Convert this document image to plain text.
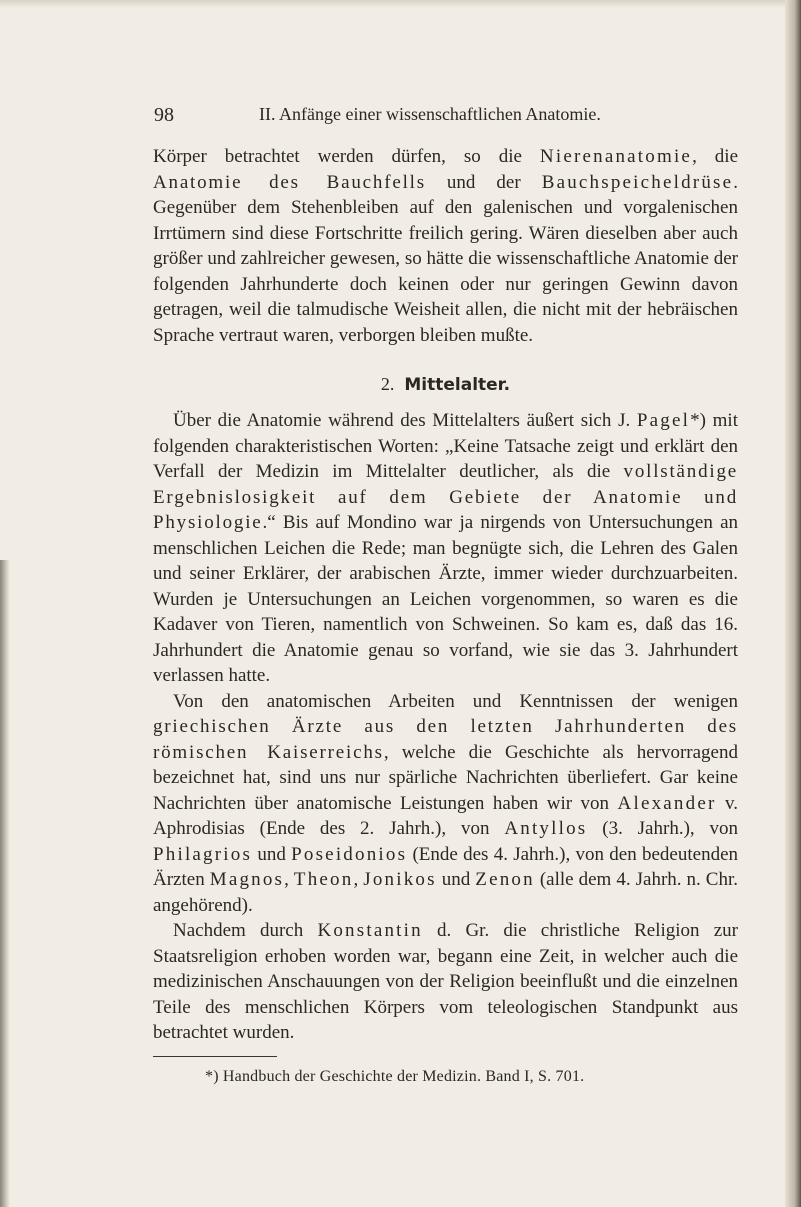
98	II. Anfänge einer wissenschaftlichen Anatomie.

Körper betrachtet werden dürfen, so die Nierenanatomie, die Anatomie des Bauchfells und der Bauchspeicheldrüse. Gegenüber dem Stehenbleiben auf den galenischen und vorgalenischen Irrtümern sind diese Fortschritte freilich gering. Wären dieselben aber auch größer und zahlreicher gewesen, so hätte die wissenschaftliche Anatomie der folgenden Jahrhunderte doch keinen oder nur geringen Gewinn davon getragen, weil die talmudische Weisheit allen, die nicht mit der hebräischen Sprache vertraut waren, verborgen bleiben mußte.

2. Mittelalter.

Über die Anatomie während des Mittelalters äußert sich J. Pagel*) mit folgenden charakteristischen Worten: „Keine Tatsache zeigt und erklärt den Verfall der Medizin im Mittelalter deutlicher, als die vollständige Ergebnislosigkeit auf dem Gebiete der Anatomie und Physiologie.“ Bis auf Mondino war ja nirgends von Untersuchungen an menschlichen Leichen die Rede; man begnügte sich, die Lehren des Galen und seiner Erklärer, der arabischen Ärzte, immer wieder durchzuarbeiten. Wurden je Untersuchungen an Leichen vorgenommen, so waren es die Kadaver von Tieren, namentlich von Schweinen. So kam es, daß das 16. Jahrhundert die Anatomie genau so vorfand, wie sie das 3. Jahrhundert verlassen hatte.

Von den anatomischen Arbeiten und Kenntnissen der wenigen griechischen Ärzte aus den letzten Jahrhunderten des römischen Kaiserreichs, welche die Geschichte als hervorragend bezeichnet hat, sind uns nur spärliche Nachrichten überliefert. Gar keine Nachrichten über anatomische Leistungen haben wir von Alexander v. Aphrodisias (Ende des 2. Jahrh.), von Antyllos (3. Jahrh.), von Philagrios und Poseidonios (Ende des 4. Jahrh.), von den bedeutenden Ärzten Magnos, Theon, Jonikos und Zenon (alle dem 4. Jahrh. n. Chr. angehörend).

Nachdem durch Konstantin d. Gr. die christliche Religion zur Staatsreligion erhoben worden war, begann eine Zeit, in welcher auch die medizinischen Anschauungen von der Religion beeinflußt und die einzelnen Teile des menschlichen Körpers vom teleologischen Standpunkt aus betrachtet wurden.

*) Handbuch der Geschichte der Medizin. Band I, S. 701.
